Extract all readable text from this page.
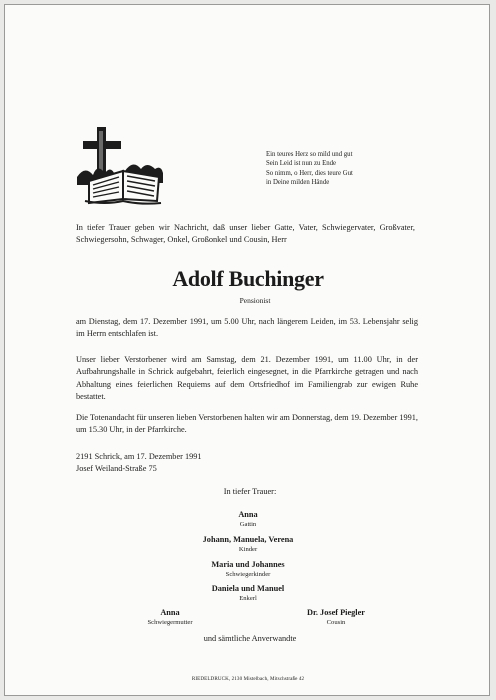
Ein teures Herz so mild und gut
Sein Leid ist nun zu Ende
So nimm, o Herr, dies teure Gut
in Deine milden Hände
In tiefer Trauer geben wir Nachricht, daß unser lieber Gatte, Vater, Schwiegervater, Großvater, Schwiegersohn, Schwager, Onkel, Großonkel und Cousin, Herr
Adolf Buchinger
Pensionist
am Dienstag, dem 17. Dezember 1991, um 5.00 Uhr, nach längerem Leiden, im 53. Lebensjahr selig im Herrn entschlafen ist.
Unser lieber Verstorbener wird am Samstag, dem 21. Dezember 1991, um 11.00 Uhr, in der Aufbahrungshalle in Schrick aufgebahrt, feierlich eingesegnet, in die Pfarrkirche getragen und nach Abhaltung eines feierlichen Requiems auf dem Ortsfriedhof im Familiengrab zur ewigen Ruhe bestattet.
Die Totenandacht für unseren lieben Verstorbenen halten wir am Donnerstag, dem 19. Dezember 1991, um 15.30 Uhr, in der Pfarrkirche.
2191 Schrick, am 17. Dezember 1991
Josef Weiland-Straße 75
In tiefer Trauer:
Anna
Gattin
Johann, Manuela, Verena
Kinder
Maria und Johannes
Schwiegerkinder
Daniela und Manuel
Enkerl
Anna
Schwiegermutter
Dr. Josef Piegler
Cousin
und sämtliche Anverwandte
RIEDELDRUCK, 2130 Mistelbach, Mitschstraße 42
